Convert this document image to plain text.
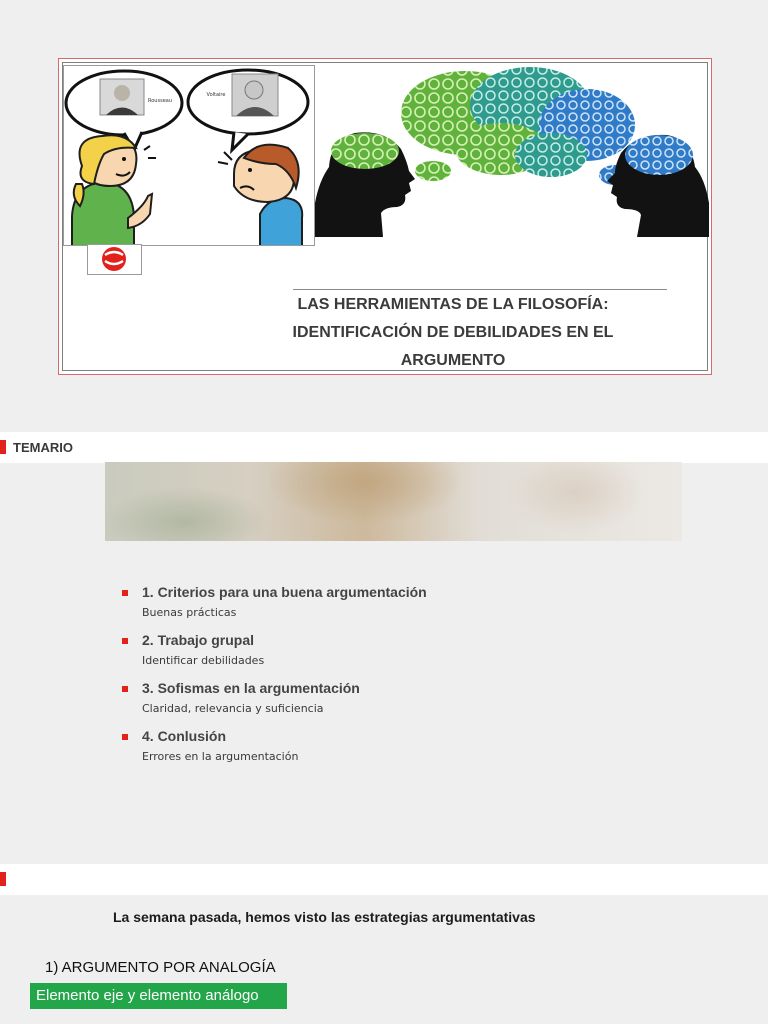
Rousseau
Voltaire
LAS HERRAMIENTAS DE LA FILOSOFÍA:
IDENTIFICACIÓN DE DEBILIDADES EN EL
ARGUMENTO
TEMARIO
1. Criterios para una buena argumentación
Buenas prácticas
2. Trabajo grupal
Identificar debilidades
3. Sofismas en la argumentación
Claridad, relevancia y suficiencia
4. Conlusión
Errores en la argumentación
La semana pasada, hemos visto las estrategias argumentativas
1) ARGUMENTO POR ANALOGÍA
Elemento eje y elemento análogo
